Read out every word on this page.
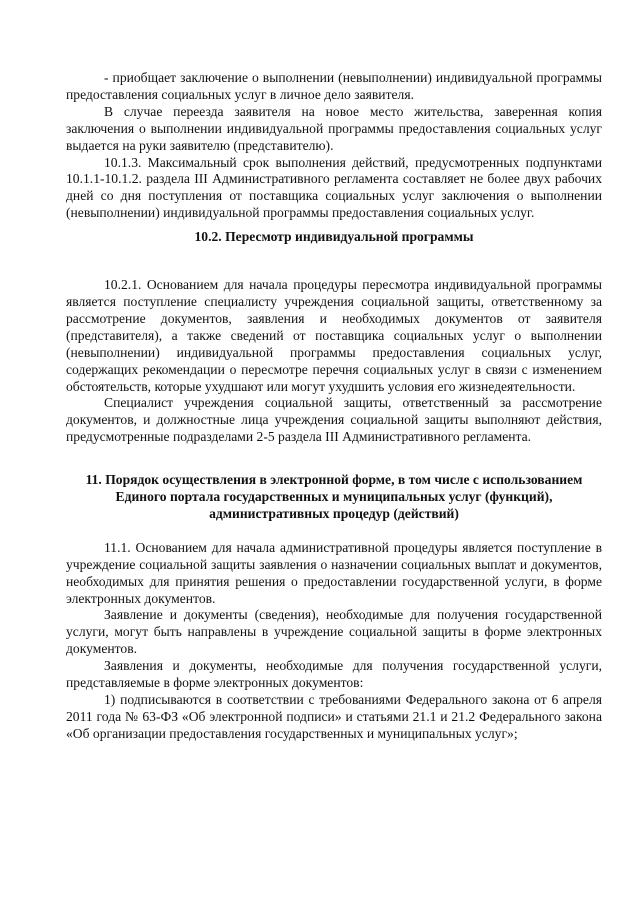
- приобщает заключение о выполнении (невыполнении) индивидуальной программы предоставления социальных услуг в личное дело заявителя.

В случае переезда заявителя на новое место жительства, заверенная копия заключения о выполнении индивидуальной программы предоставления социальных услуг выдается на руки заявителю (представителю).

10.1.3. Максимальный срок выполнения действий, предусмотренных подпунктами 10.1.1-10.1.2. раздела III Административного регламента составляет не более двух рабочих дней со дня поступления от поставщика социальных услуг заключения о выполнении (невыполнении) индивидуальной программы предоставления социальных услуг.

10.2. Пересмотр индивидуальной программы

10.2.1. Основанием для начала процедуры пересмотра индивидуальной программы является поступление специалисту учреждения социальной защиты, ответственному за рассмотрение документов, заявления и необходимых документов от заявителя (представителя), а также сведений от поставщика социальных услуг о выполнении (невыполнении) индивидуальной программы предоставления социальных услуг, содержащих рекомендации о пересмотре перечня социальных услуг в связи с изменением обстоятельств, которые ухудшают или могут ухудшить условия его жизнедеятельности.

Специалист учреждения социальной защиты, ответственный за рассмотрение документов, и должностные лица учреждения социальной защиты выполняют действия, предусмотренные подразделами 2-5 раздела III Административного регламента.

11. Порядок осуществления в электронной форме, в том числе с использованием Единого портала государственных и муниципальных услуг (функций), административных процедур (действий)

11.1. Основанием для начала административной процедуры является поступление в учреждение социальной защиты заявления о назначении социальных выплат и документов, необходимых для принятия решения о предоставлении государственной услуги, в форме электронных документов.

Заявление и документы (сведения), необходимые для получения государственной услуги, могут быть направлены в учреждение социальной защиты в форме электронных документов.

Заявления и документы, необходимые для получения государственной услуги, представляемые в форме электронных документов:

1) подписываются в соответствии с требованиями Федерального закона от 6 апреля 2011 года № 63-ФЗ «Об электронной подписи» и статьями 21.1 и 21.2 Федерального закона «Об организации предоставления государственных и муниципальных услуг»;
